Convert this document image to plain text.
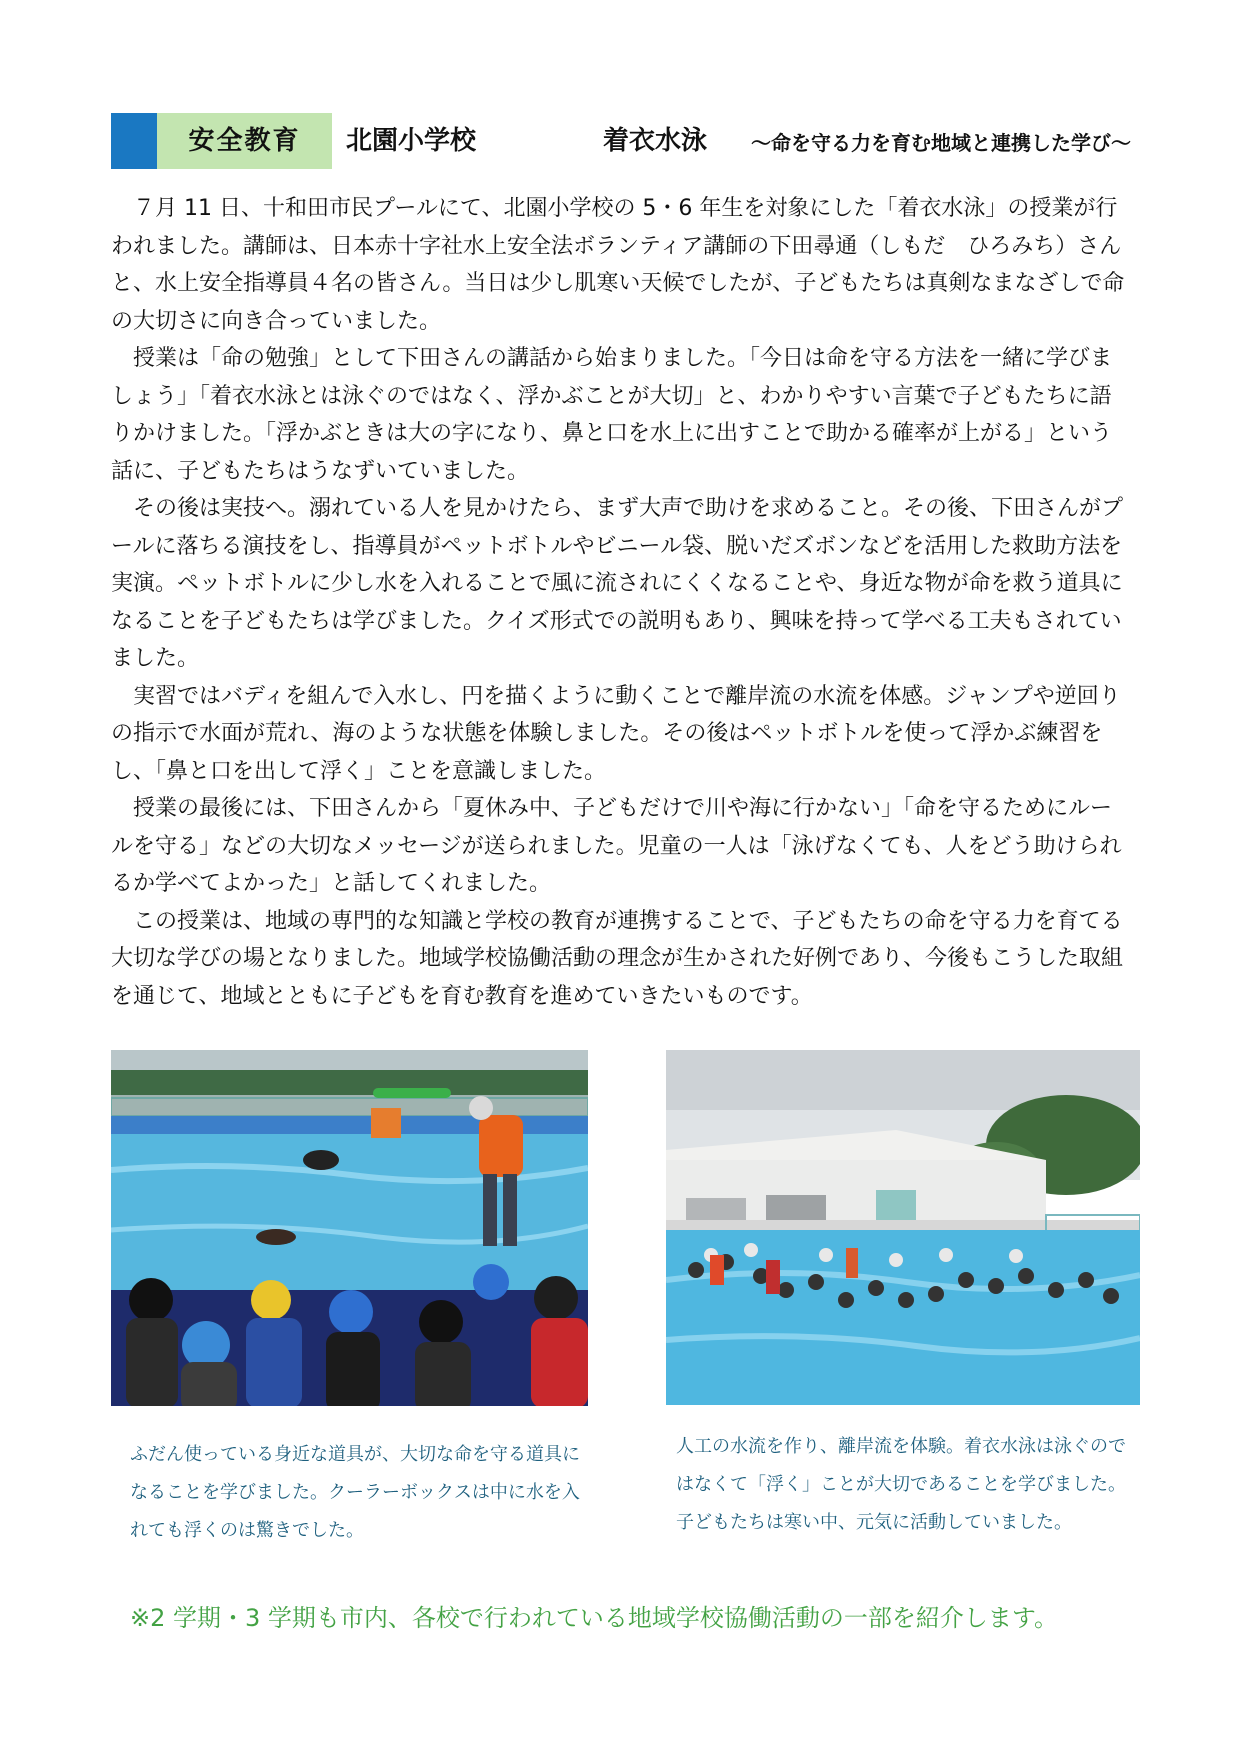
安全教育	北園小学校	着衣水泳 ～命を守る力を育む地域と連携した学び～

７月 11 日、十和田市民プールにて、北園小学校の 5・6 年生を対象にした「着衣水泳」の授業が行われました。講師は、日本赤十字社水上安全法ボランティア講師の下田尋通（しもだ　ひろみち）さんと、水上安全指導員４名の皆さん。当日は少し肌寒い天候でしたが、子どもたちは真剣なまなざしで命の大切さに向き合っていました。

授業は「命の勉強」として下田さんの講話から始まりました。「今日は命を守る方法を一緒に学びましょう」「着衣水泳とは泳ぐのではなく、浮かぶことが大切」と、わかりやすい言葉で子どもたちに語りかけました。「浮かぶときは大の字になり、鼻と口を水上に出すことで助かる確率が上がる」という話に、子どもたちはうなずいていました。

その後は実技へ。溺れている人を見かけたら、まず大声で助けを求めること。その後、下田さんがプールに落ちる演技をし、指導員がペットボトルやビニール袋、脱いだズボンなどを活用した救助方法を実演。ペットボトルに少し水を入れることで風に流されにくくなることや、身近な物が命を救う道具になることを子どもたちは学びました。クイズ形式での説明もあり、興味を持って学べる工夫もされていました。

実習ではバディを組んで入水し、円を描くように動くことで離岸流の水流を体感。ジャンプや逆回りの指示で水面が荒れ、海のような状態を体験しました。その後はペットボトルを使って浮かぶ練習をし、「鼻と口を出して浮く」ことを意識しました。

授業の最後には、下田さんから「夏休み中、子どもだけで川や海に行かない」「命を守るためにルールを守る」などの大切なメッセージが送られました。児童の一人は「泳げなくても、人をどう助けられるか学べてよかった」と話してくれました。

この授業は、地域の専門的な知識と学校の教育が連携することで、子どもたちの命を守る力を育てる大切な学びの場となりました。地域学校協働活動の理念が生かされた好例であり、今後もこうした取組を通じて、地域とともに子どもを育む教育を進めていきたいものです。

ふだん使っている身近な道具が、大切な命を守る道具になることを学びました。クーラーボックスは中に水を入れても浮くのは驚きでした。
人工の水流を作り、離岸流を体験。着衣水泳は泳ぐのではなくて「浮く」ことが大切であることを学びました。子どもたちは寒い中、元気に活動していました。
※2 学期・3 学期も市内、各校で行われている地域学校協働活動の一部を紹介します。
